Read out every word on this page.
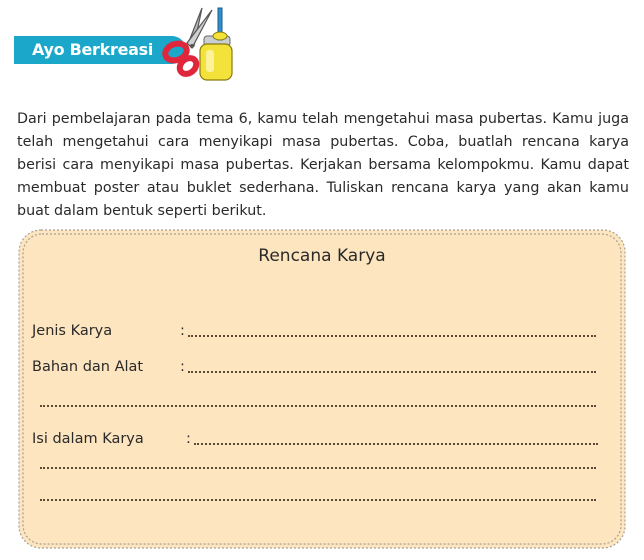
Ayo Berkreasi

Dari pembelajaran pada tema 6, kamu telah mengetahui masa pubertas. Kamu juga telah mengetahui cara menyikapi masa pubertas. Coba, buatlah rencana karya berisi cara menyikapi masa pubertas. Kerjakan bersama kelompokmu. Kamu dapat membuat poster atau buklet sederhana. Tuliskan rencana karya yang akan kamu buat dalam bentuk seperti berikut.

Rencana Karya
Jenis Karya	:
Bahan dan Alat	:
Isi dalam Karya	:
